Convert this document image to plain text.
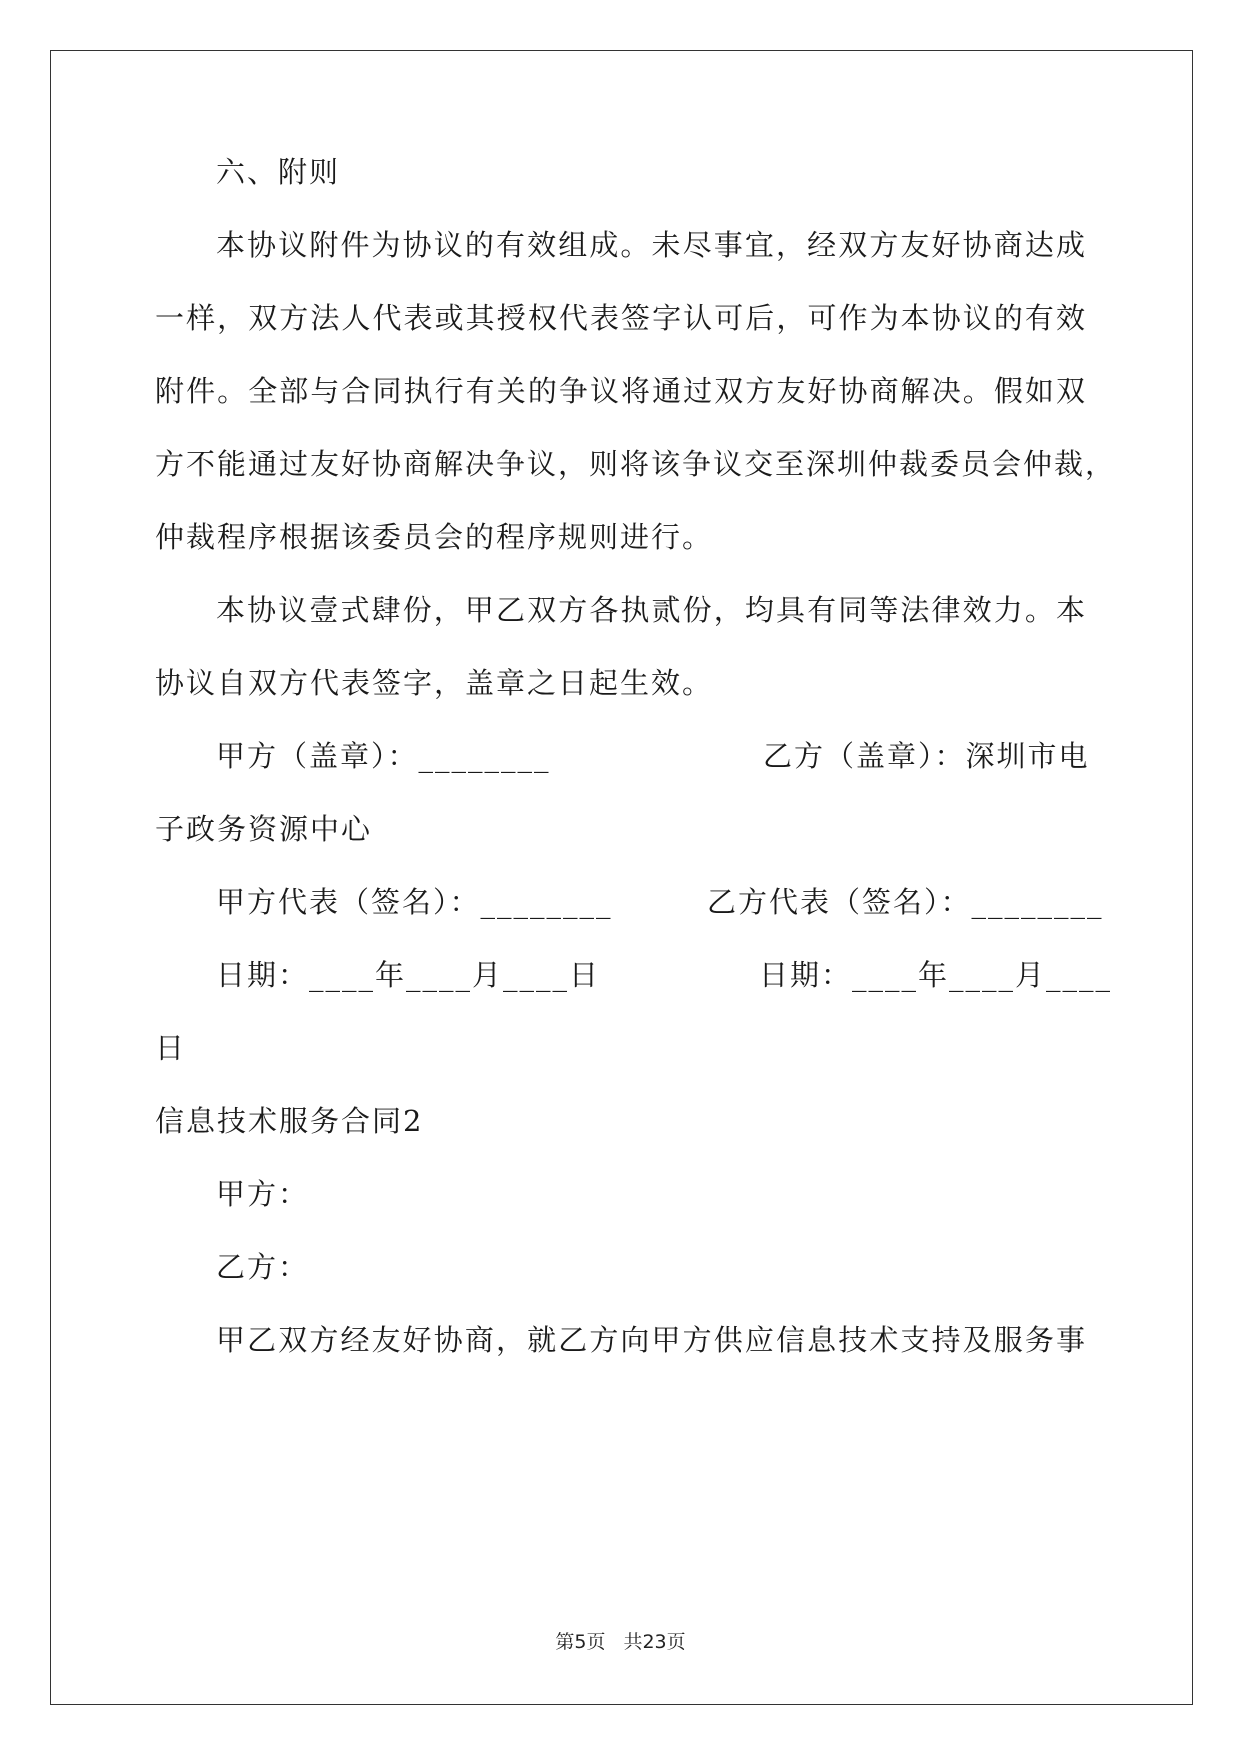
六、附则
本协议附件为协议的有效组成。未尽事宜，经双方友好协商达成
一样，双方法人代表或其授权代表签字认可后，可作为本协议的有效
附件。全部与合同执行有关的争议将通过双方友好协商解决。假如双
方不能通过友好协商解决争议，则将该争议交至深圳仲裁委员会仲裁，
仲裁程序根据该委员会的程序规则进行。
本协议壹式肆份，甲乙双方各执贰份，均具有同等法律效力。本
协议自双方代表签字，盖章之日起生效。
甲方（盖章）：________	乙方（盖章）：深圳市电
子政务资源中心
甲方代表（签名）：________	乙方代表（签名）：________
日期：____年____月____日	日期：____年____月____
日
信息技术服务合同2
甲方：
乙方：
甲乙双方经友好协商，就乙方向甲方供应信息技术支持及服务事
第5页 共23页
